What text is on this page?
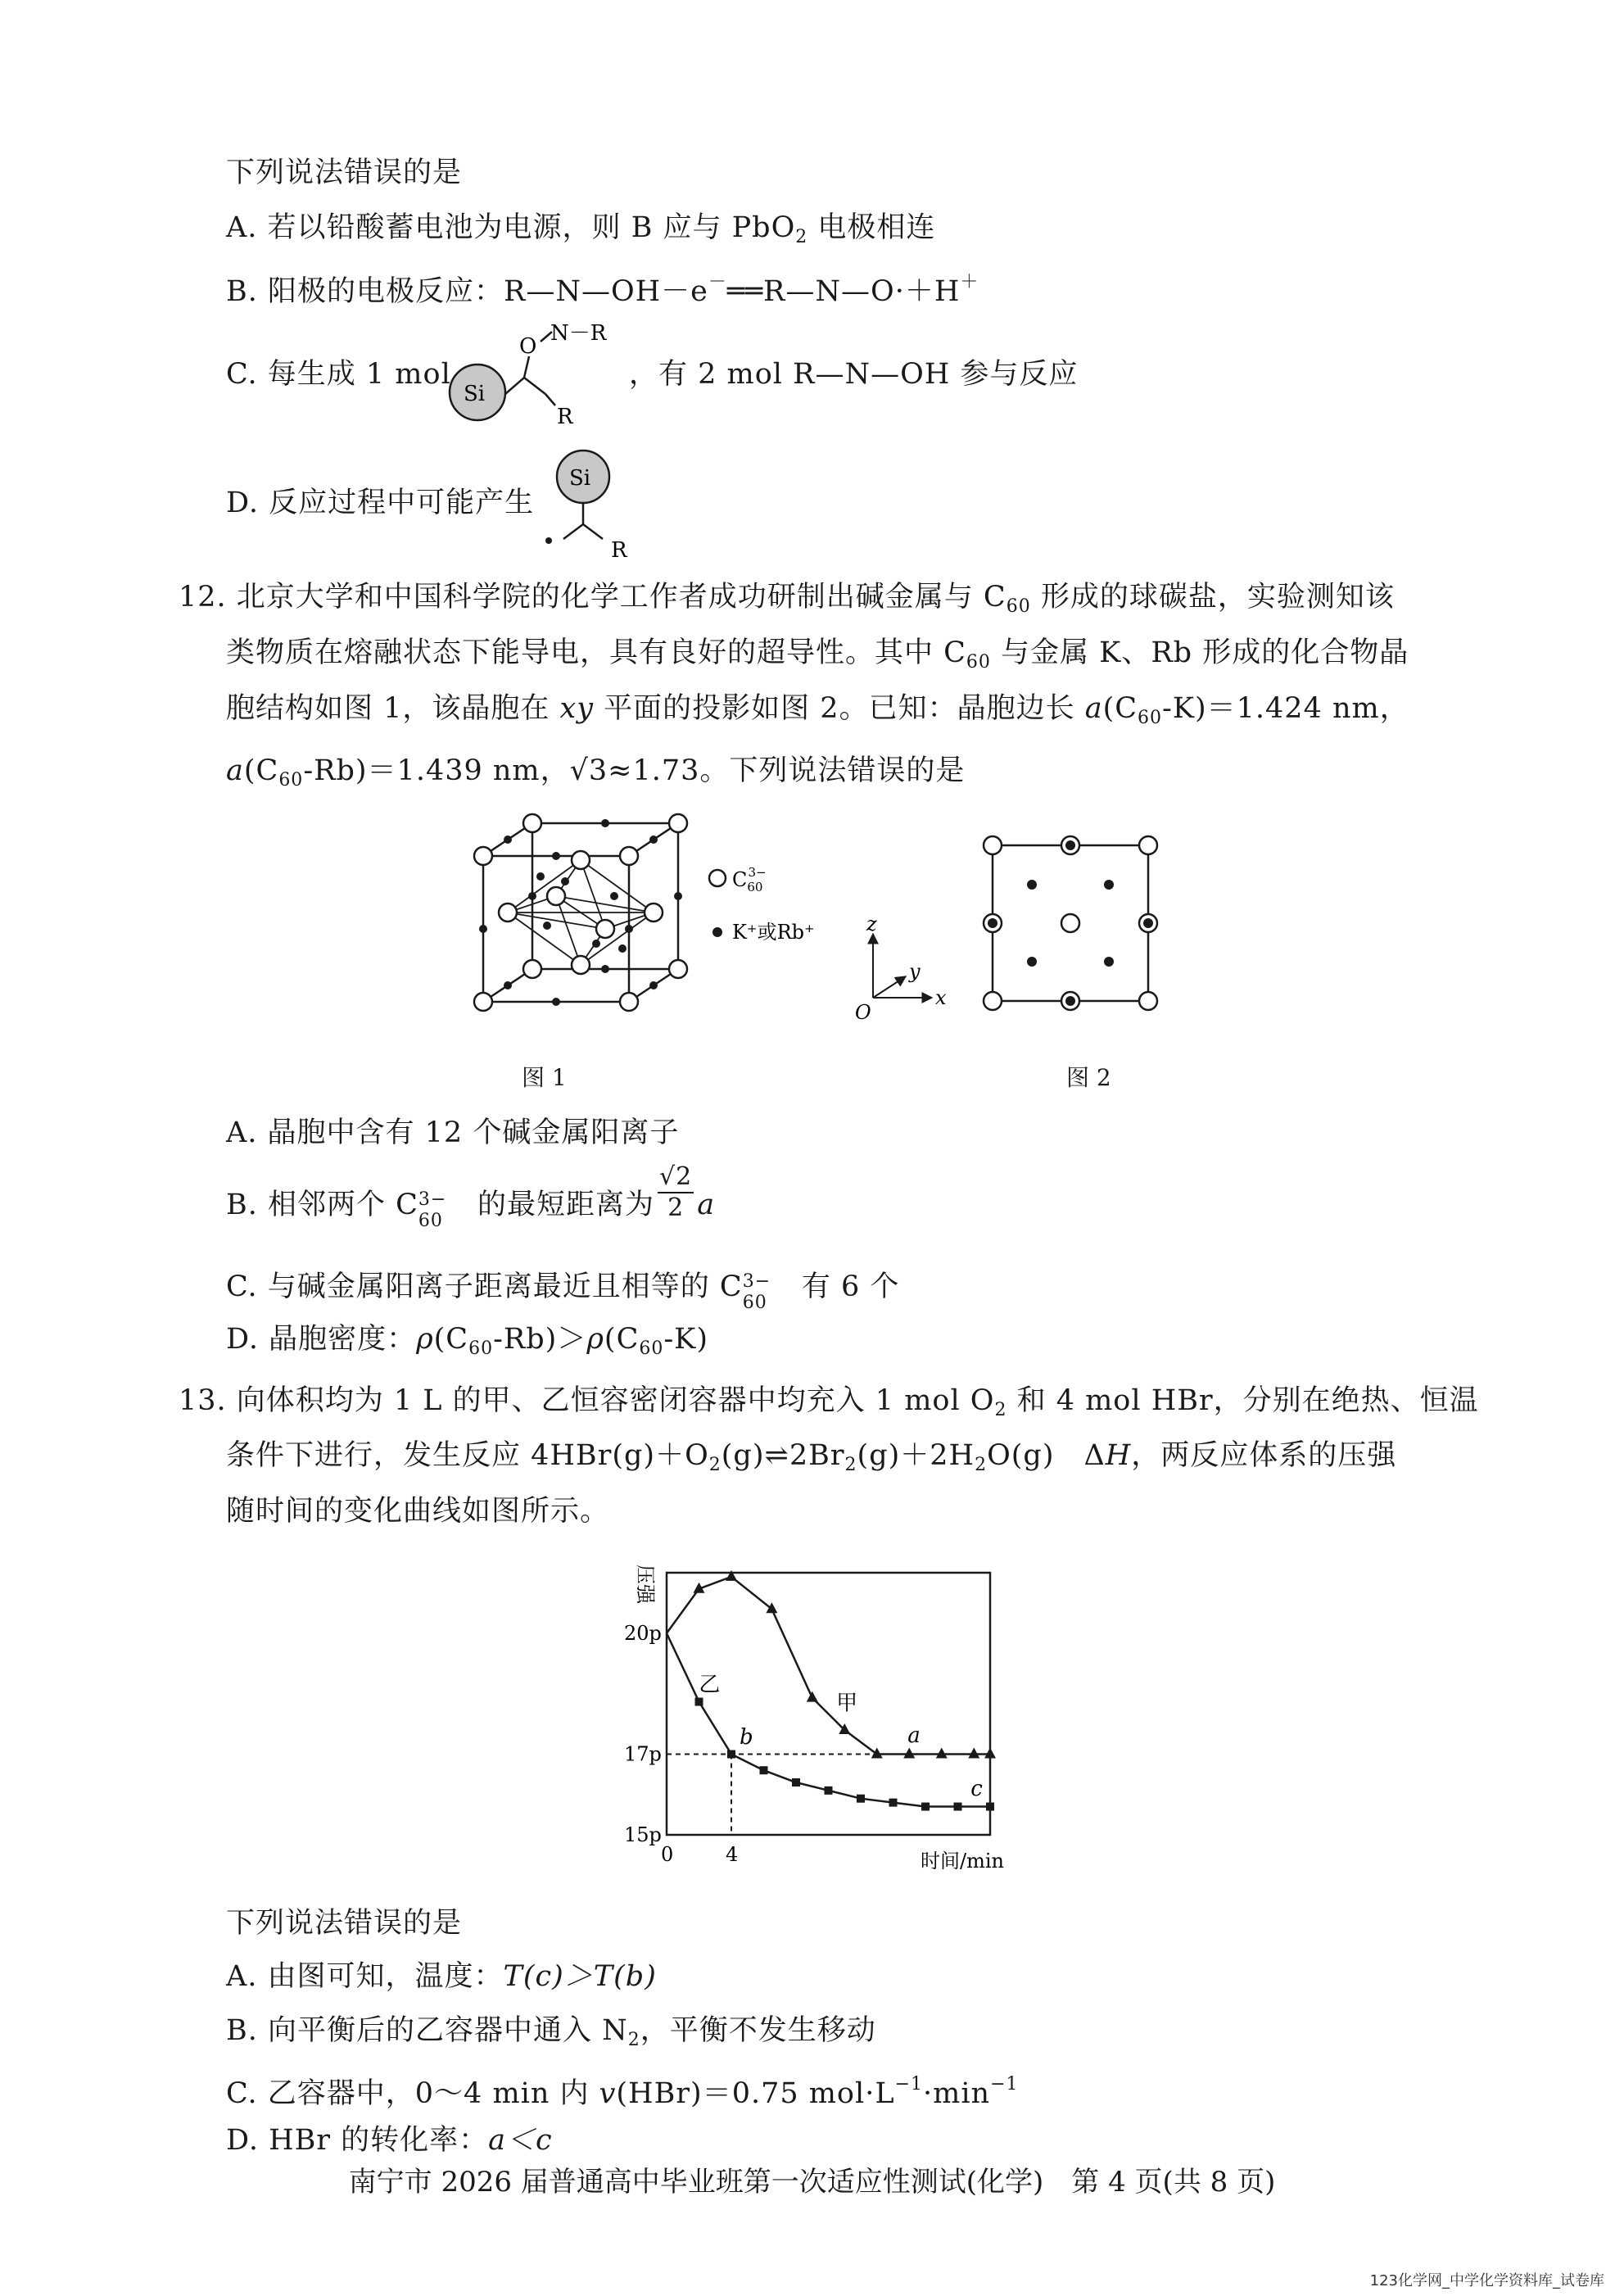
下列说法错误的是
A. 若以铅酸蓄电池为电源，则 B 应与 PbO$_2$ 电极相连
B. 阳极的电极反应：R—N—OH－e－══R—N—O·＋H＋
C. 每生成 1 mol
Si
O
N－R
R
，有 2 mol R—N—OH 参与反应
D. 反应过程中可能产生
Si
R
12. 北京大学和中国科学院的化学工作者成功研制出碱金属与 $C_{60}$ 形成的球碳盐，实验测知该
类物质在熔融状态下能导电，具有良好的超导性。其中 $C_{60}$ 与金属 K、Rb 形成的化合物晶
胞结构如图 1，该晶胞在 xy 平面的投影如图 2。已知：晶胞边长 $a(C_{60}-K)=1.424$ nm，
$a(C_{60}-Rb)=1.439$ nm，√3≈1.73。下列说法错误的是
$C_{60}3-$
K⁺或Rb⁺	z
y
x
O
图 1	图 2
A. 晶胞中含有 12 个碱金属阳离子
B. 相邻两个 C 3−
60 的最短距离为 $\frac{√2}{2}$ a
C. 与碱金属阳离子距离最近且相等的 C 3−
60 有 6 个
D. 晶胞密度：$\rho(C_{60}-Rb)>\rho(C_{60}-K)$
13. 向体积均为 1 L 的甲、乙恒容密闭容器中均充入 1 mol $O_2$ 和 4 mol HBr，分别在绝热、恒温
条件下进行，发生反应 $4HBr(g)+O_2(g)\rightleftharpoons 2Br_2(g)+2H_2O(g)$　ΔH，两反应体系的压强
随时间的变化曲线如图所示。
压强
时间/min
15p
17p
20p
0	4
甲
乙
a
b
c
下列说法错误的是
A. 由图可知，温度：T(c)＞T(b)
B. 向平衡后的乙容器中通入 $N_2$，平衡不发生移动
C. 乙容器中，0～4 min 内 v(HBr)＝0.75 $mol\cdot L^{-1}\cdot\min^{-1}$
D. HBr 的转化率：a＜c
南宁市 2026 届普通高中毕业班第一次适应性测试(化学)　第 4 页(共 8 页)
123化学网_中学化学资料库_试卷库
